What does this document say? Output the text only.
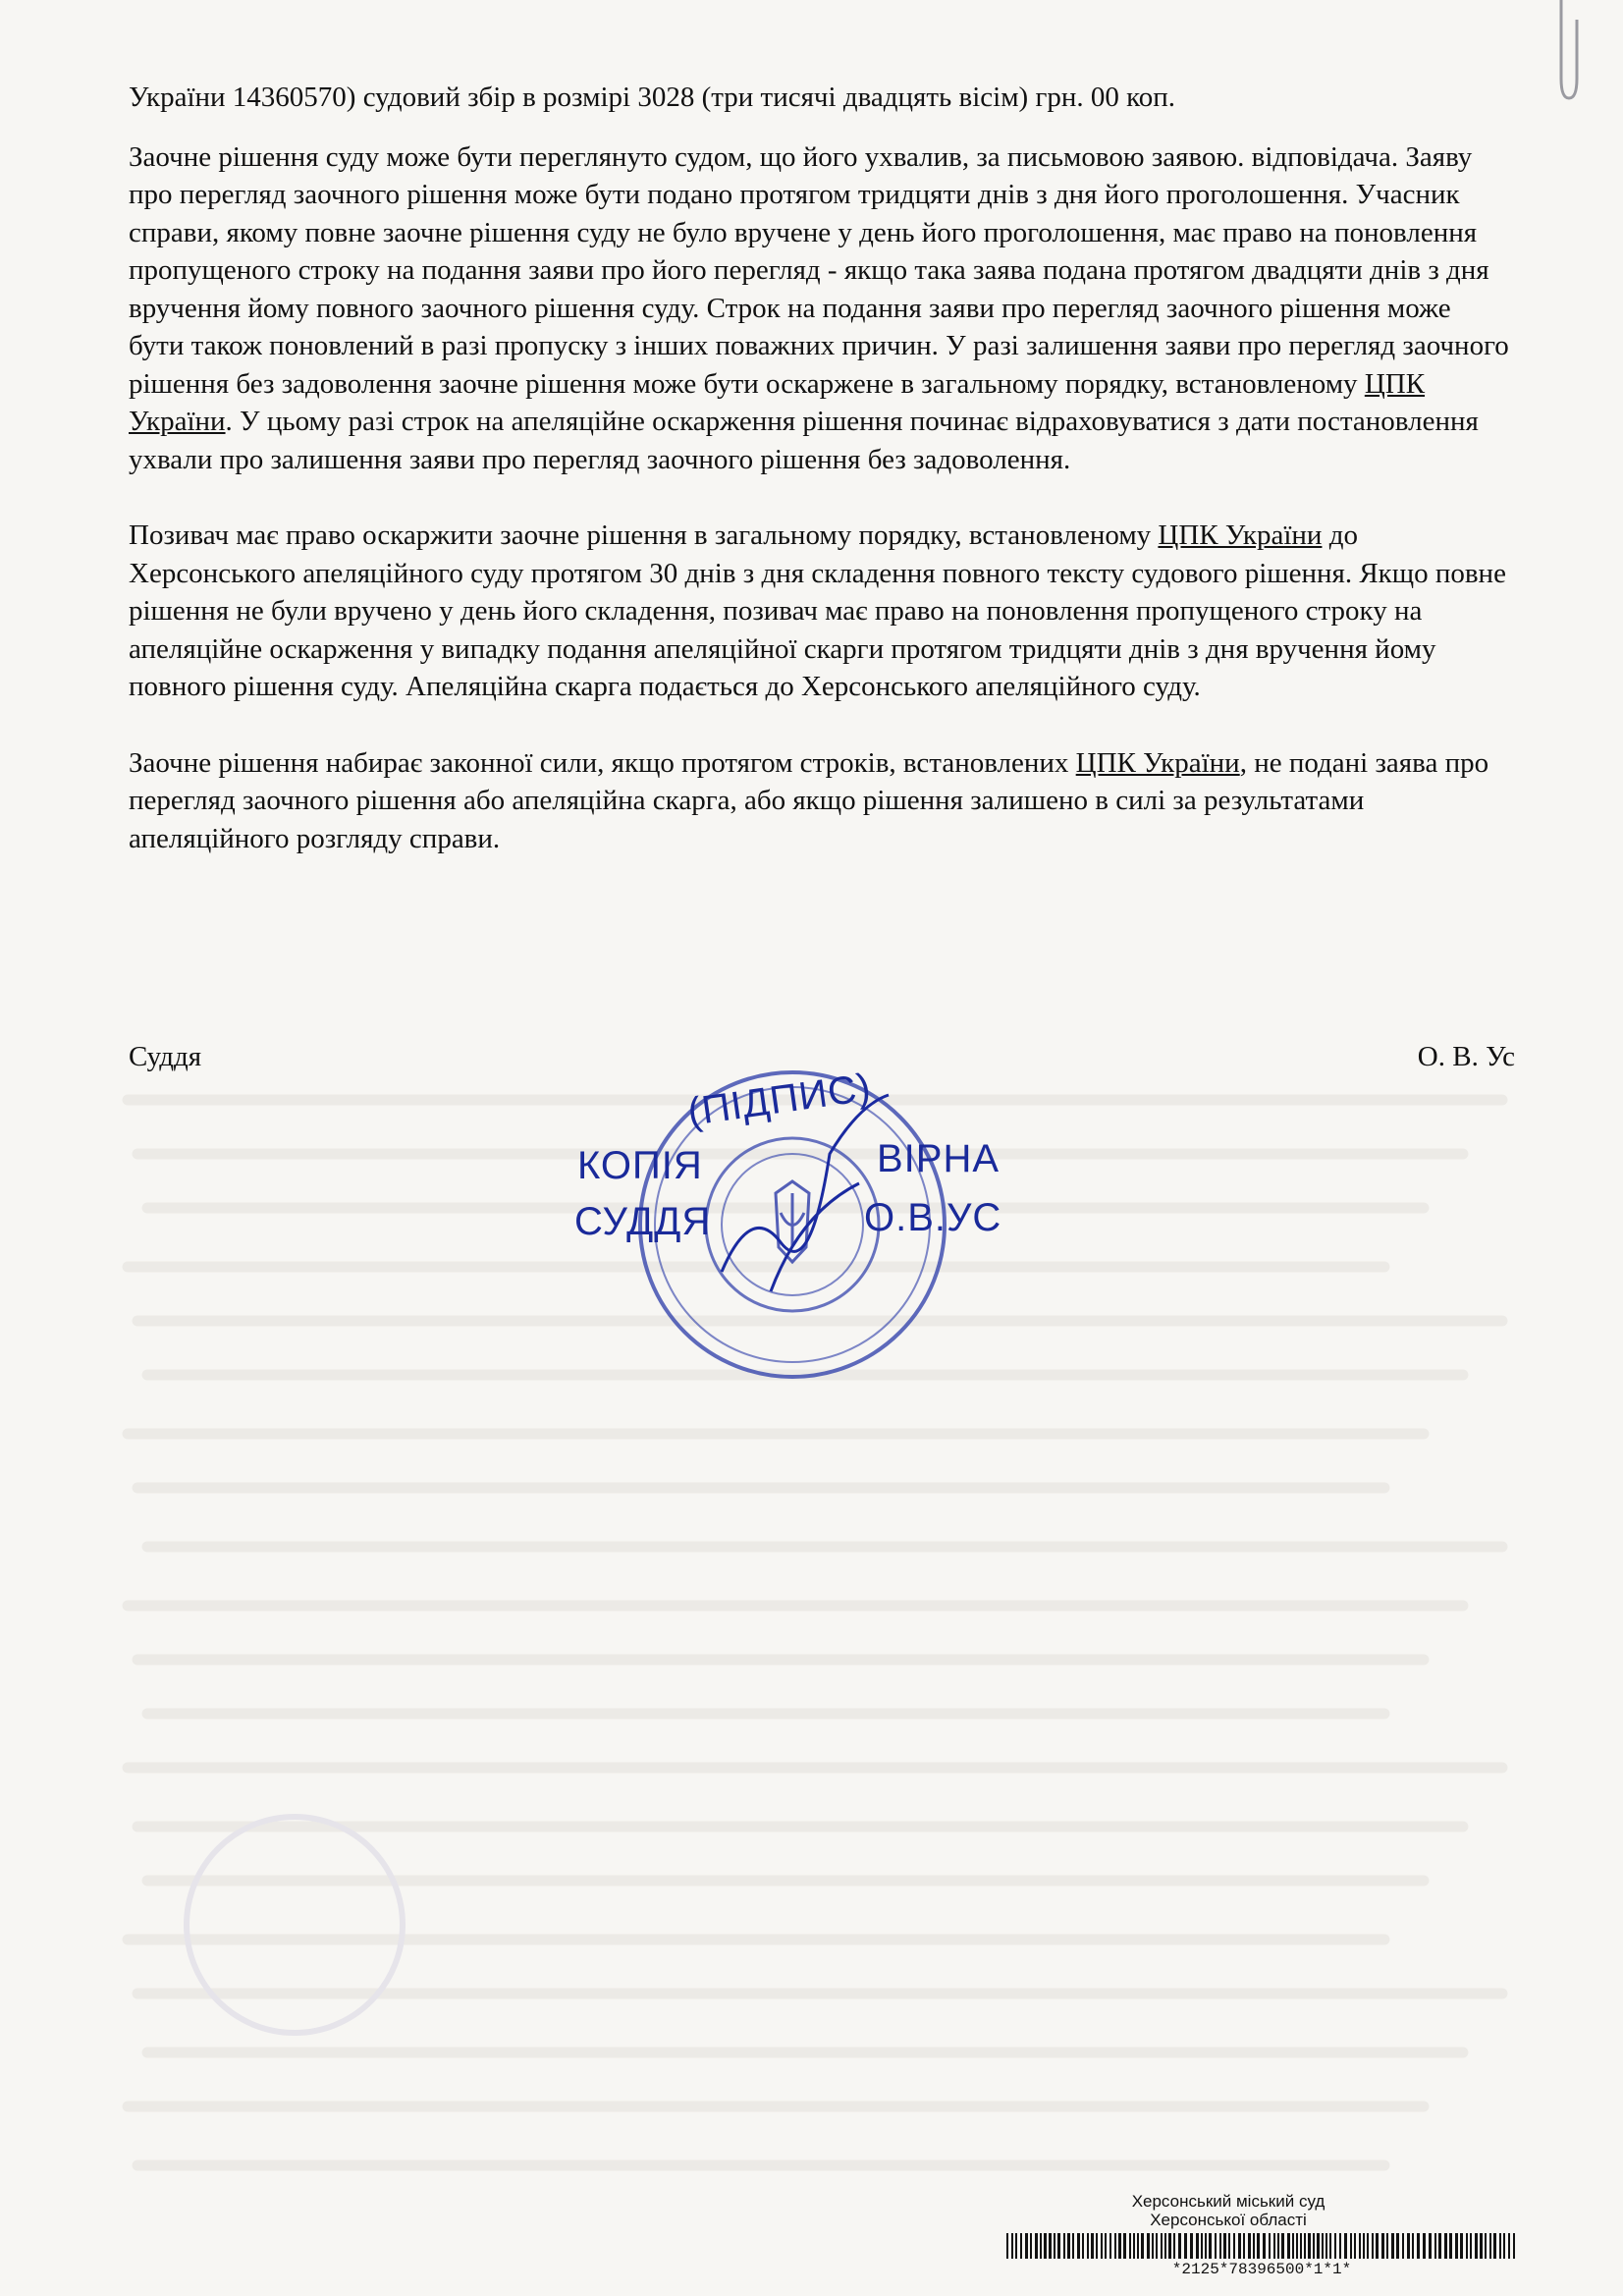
України 14360570) судовий збір в розмірі 3028 (три тисячі двадцять вісім) грн. 00 коп.

Заочне рішення суду може бути переглянуто судом, що його ухвалив, за письмовою заявою. відповідача. Заяву про перегляд заочного рішення може бути подано протягом тридцяти днів з дня його проголошення. Учасник справи, якому повне заочне рішення суду не було вручене у день його проголошення, має право на поновлення пропущеного строку на подання заяви про його перегляд - якщо така заява подана протягом двадцяти днів з дня вручення йому повного заочного рішення суду. Строк на подання заяви про перегляд заочного рішення може бути також поновлений в разі пропуску з інших поважних причин. У разі залишення заяви про перегляд заочного рішення без задоволення заочне рішення може бути оскаржене в загальному порядку, встановленому ЦПК України. У цьому разі строк на апеляційне оскарження рішення починає відраховуватися з дати постановлення ухвали про залишення заяви про перегляд заочного рішення без задоволення.

Позивач має право оскаржити заочне рішення в загальному порядку, встановленому ЦПК України до Херсонського апеляційного суду протягом 30 днів з дня складення повного тексту судового рішення. Якщо повне рішення не були вручено у день його складення, позивач має право на поновлення пропущеного строку на апеляційне оскарження у випадку подання апеляційної скарги протягом тридцяти днів з дня вручення йому повного рішення суду. Апеляційна скарга подається до Херсонського апеляційного суду.

Заочне рішення набирає законної сили, якщо протягом строків, встановлених ЦПК України, не подані заява про перегляд заочного рішення або апеляційна скарга, або якщо рішення залишено в силі за результатами апеляційного розгляду справи.

Суддя	О. В. Ус
(ПІДПИС)
КОПІЯ	ВІРНА
СУДДЯ	О.В.УС
Херсонський міський суд
Херсонської області
*2125*78396500*1*1*
